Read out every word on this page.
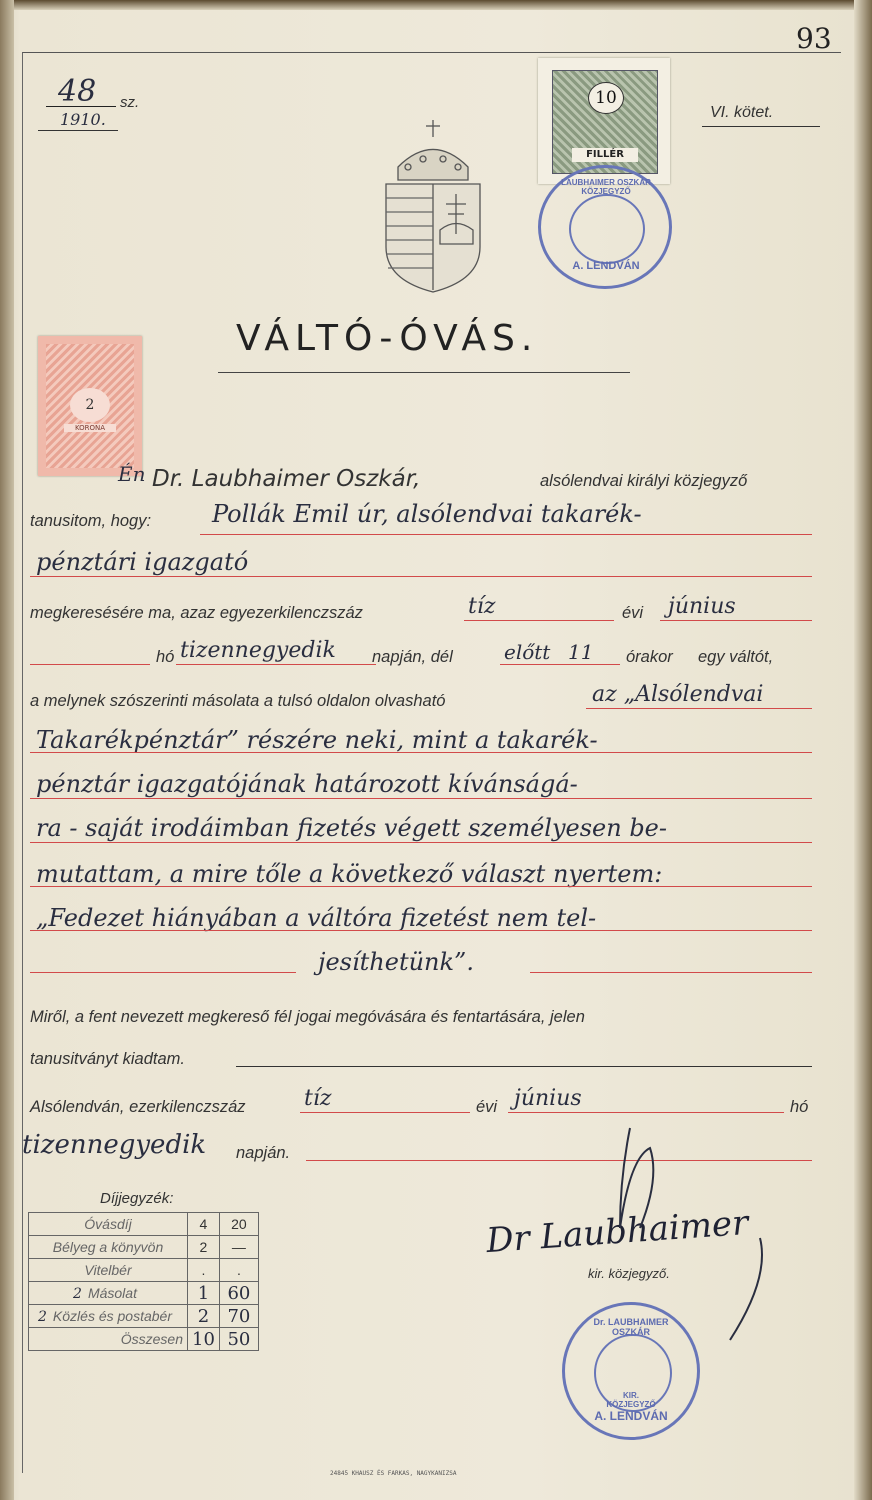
93
48 sz.
1910.	VI. kötet.
10
FILLÉR
LAUBHAIMER OSZKÁR KÖZJEGYZŐ
A. LENDVÁN
VÁLTÓ-ÓVÁS.
2
KORONA
Én Dr. Laubhaimer Oszkár,	alsólendvai királyi közjegyző
tanusitom, hogy:	Pollák Emil úr, alsólendvai takarék-
pénztári igazgató
megkeresésére ma, azaz egyezerkilenczszáz	tíz	évi június
hó tizennegyedik napján, dél	előtt 11 órakor egy váltót,
a melynek szószerinti másolata a tulsó oldalon olvasható	az „Alsólendvai
Takarékpénztár” részére neki, mint a takarék-
pénztár igazgatójának határozott kívánságá-
ra - saját irodáimban fizetés végett személyesen be-
mutattam, a mire tőle a következő választ nyertem:
„Fedezet hiányában a váltóra fizetést nem tel-
jesíthetünk”.
Miről, a fent nevezett megkereső fél jogai megóvására és fentartására, jelen
tanusitványt kiadtam.
Alsólendván, ezerkilenczszáz	tíz	évi június	hó
tizennegyedik napján.
Dr Laubhaimer
kir. közjegyző.
Díjjegyzék:
Óvásdíj	4	20
Bélyeg a könyvön	2	—
Vitelbér	.	.
2 Másolat	1	60
2 Közlés és postabér	2	70
Összesen	10	50
Dr. LAUBHAIMER OSZKÁR
KIR. KÖZJEGYZŐ
A. LENDVÁN
24845 KHAUSZ ÉS FARKAS, NAGYKANIZSA
